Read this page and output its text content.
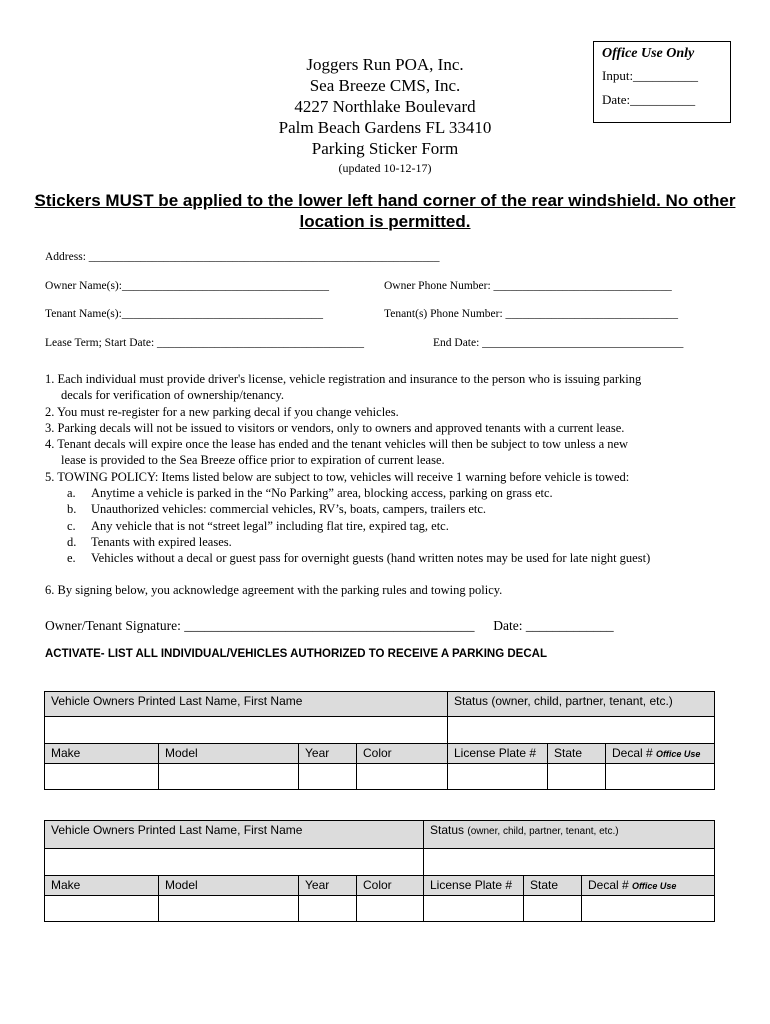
Joggers Run POA, Inc.
Sea Breeze CMS, Inc.
4227 Northlake Boulevard
Palm Beach Gardens FL 33410
Parking Sticker Form
(updated 10-12-17)
Office Use Only
Input:__________
Date:__________
Stickers MUST be applied to the lower left hand corner of the rear windshield. No other location is permitted.
Address: _____________________________________________________________
Owner Name(s):____________________________________	Owner Phone Number: _______________________________
Tenant Name(s):___________________________________	Tenant(s) Phone Number: ______________________________
Lease Term; Start Date: ____________________________________	End Date: ___________________________________

1. Each individual must provide driver's license, vehicle registration and insurance to the person who is issuing parking

decals for verification of ownership/tenancy.

2. You must re-register for a new parking decal if you change vehicles.

3. Parking decals will not be issued to visitors or vendors, only to owners and approved tenants with a current lease.

4. Tenant decals will expire once the lease has ended and the tenant vehicles will then be subject to tow unless a new

lease is provided to the Sea Breeze office prior to expiration of current lease.

5. TOWING POLICY: Items listed below are subject to tow, vehicles will receive 1 warning before vehicle is towed:

a. Anytime a vehicle is parked in the “No Parking” area, blocking access, parking on grass etc.

b. Unauthorized vehicles: commercial vehicles, RV’s, boats, campers, trailers etc.

c. Any vehicle that is not “street legal” including flat tire, expired tag, etc.

d. Tenants with expired leases.

e. Vehicles without a decal or guest pass for overnight guests (hand written notes may be used for late night guest)

6. By signing below, you acknowledge agreement with the parking rules and towing policy.
Owner/Tenant Signature: ___________________________________________ Date: _____________
ACTIVATE- LIST ALL INDIVIDUAL/VEHICLES AUTHORIZED TO RECEIVE A PARKING DECAL
Vehicle Owners Printed Last Name, First Name				Status (owner, child, partner, tenant, etc.)		

Make	Model	Year	Color	License Plate #	State	Decal # Office Use

Vehicle Owners Printed Last Name, First Name				Status (owner, child, partner, tenant, etc.)		

Make	Model	Year	Color	License Plate #	State	Decal # Office Use
